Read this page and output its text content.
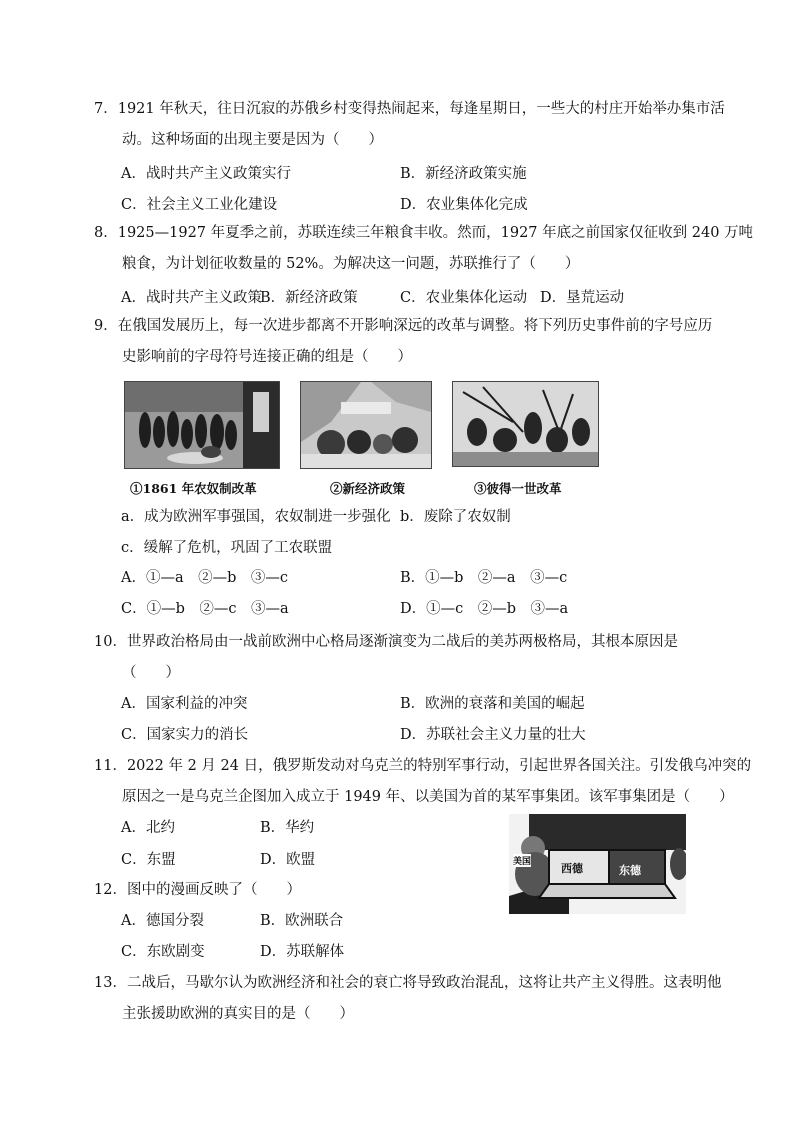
7．1921 年秋天，往日沉寂的苏俄乡村变得热闹起来，每逢星期日，一些大的村庄开始举办集市活
动。这种场面的出现主要是因为（　　）
A．战时共产主义政策实行	B．新经济政策实施
C．社会主义工业化建设	D．农业集体化完成
8．1925—1927 年夏季之前，苏联连续三年粮食丰收。然而，1927 年底之前国家仅征收到 240 万吨
粮食，为计划征收数量的 52%。为解决这一问题，苏联推行了（　　）
A．战时共产主义政策
B．新经济政策	C．农业集体化运动 D．垦荒运动
9．在俄国发展历上，每一次进步都离不开影响深远的改革与调整。将下列历史事件前的字号应历
史影响前的字母符号连接正确的组是（　　）
①1861 年农奴制改革	②新经济政策	③彼得一世改革
a．成为欧洲军事强国，农奴制进一步强化 b．废除了农奴制
c．缓解了危机，巩固了工农联盟
A．①—a　②—b　③—c	B．①—b　②—a　③—c
C．①—b　②—c　③—a	D．①—c　②—b　③—a
10．世界政治格局由一战前欧洲中心格局逐渐演变为二战后的美苏两极格局，其根本原因是
（　　）
A．国家利益的冲突	B．欧洲的衰落和美国的崛起
C．国家实力的消长	D．苏联社会主义力量的壮大
11．2022 年 2 月 24 日，俄罗斯发动对乌克兰的特别军事行动，引起世界各国关注。引发俄乌冲突的
原因之一是乌克兰企图加入成立于 1949 年、以美国为首的某军事集团。该军事集团是（　　）
A．北约	B．华约
C．东盟	D．欧盟	美国	西德	东德
12．图中的漫画反映了（　　）
A．德国分裂	B．欧洲联合
C．东欧剧变	D．苏联解体
13．二战后，马歇尔认为欧洲经济和社会的衰亡将导致政治混乱，这将让共产主义得胜。这表明他
主张援助欧洲的真实目的是（　　）
